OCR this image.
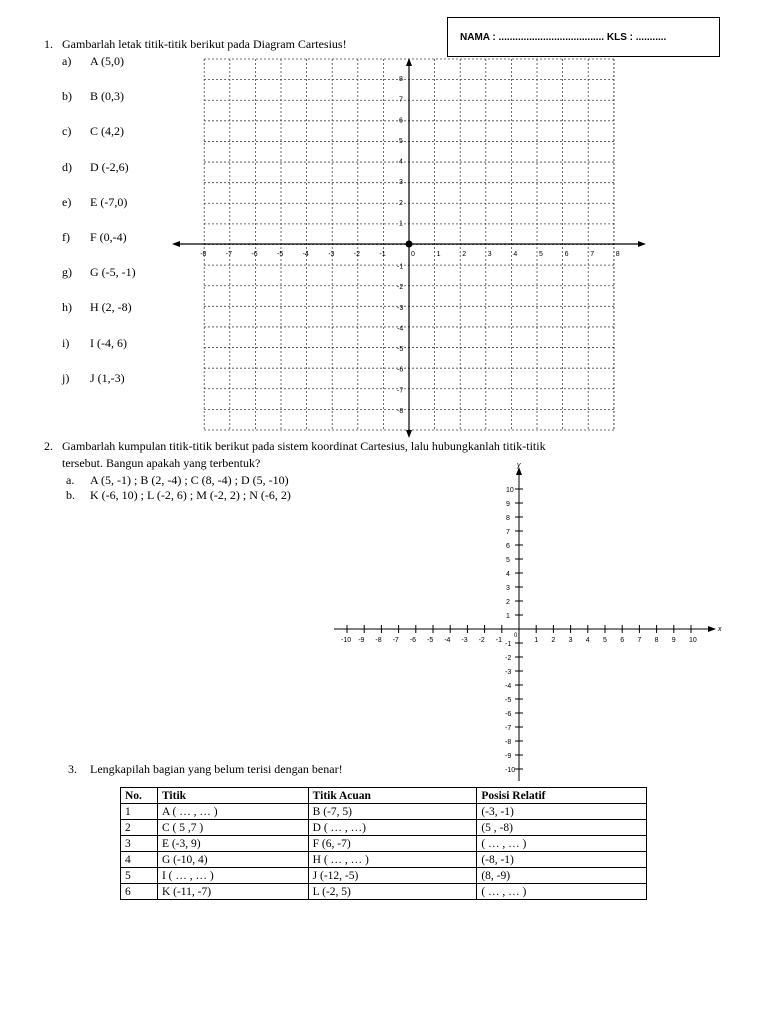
NAMA : ...................................... KLS : ...........
1. Gambarlah letak titik-titik berikut pada Diagram Cartesius!
a) A (5,0)
b) B (0,3)
c) C (4,2)
d) D (-2,6)
e) E (-7,0)
f) F (0,-4)
g) G (-5, -1)
h) H (2, -8)
i) I (-4, 6)
j) J (1,-3)
-8	-7	-6	-5	-4	-3	-2	-1	0	1	2	3	4	5	6	7	8
8
7
6
5
4
3
2
1
-1
-2
-3
-4
-5
-6
-7
-8
2. Gambarlah kumpulan titik-titik berikut pada sistem koordinat Cartesius, lalu hubungkanlah titik-titik
tersebut. Bangun apakah yang terbentuk?
a. A (5, -1) ; B (2, -4) ; C (8, -4) ; D (5, -10)
b. K (-6, 10) ; L (-2, 6) ; M (-2, 2) ; N (-6, 2)
x
y
-10 -9 -8 -7 -6 -5 -4 -3 -2 -1	1 2 3 4 5 6 7 8 9 10
0
10
9
8
7
6
5
4
3
2
1
-1
-2
-3
-4
-5
-6
-7
-8
-9
-10
3. Lengkapilah bagian yang belum terisi dengan benar!
No.	Titik	Titik Acuan	Posisi Relatif
1	A ( … , … )	B (-7, 5)	(-3, -1)
2	C ( 5 ,7 )	D ( … , …)	(5 , -8)
3	E (-3, 9)	F (6, -7)	( … , … )
4	G (-10, 4)	H ( … , … )	(-8, -1)
5	I ( … , … )	J (-12, -5)	(8, -9)
6	K (-11, -7)	L (-2, 5)	( … , … )
